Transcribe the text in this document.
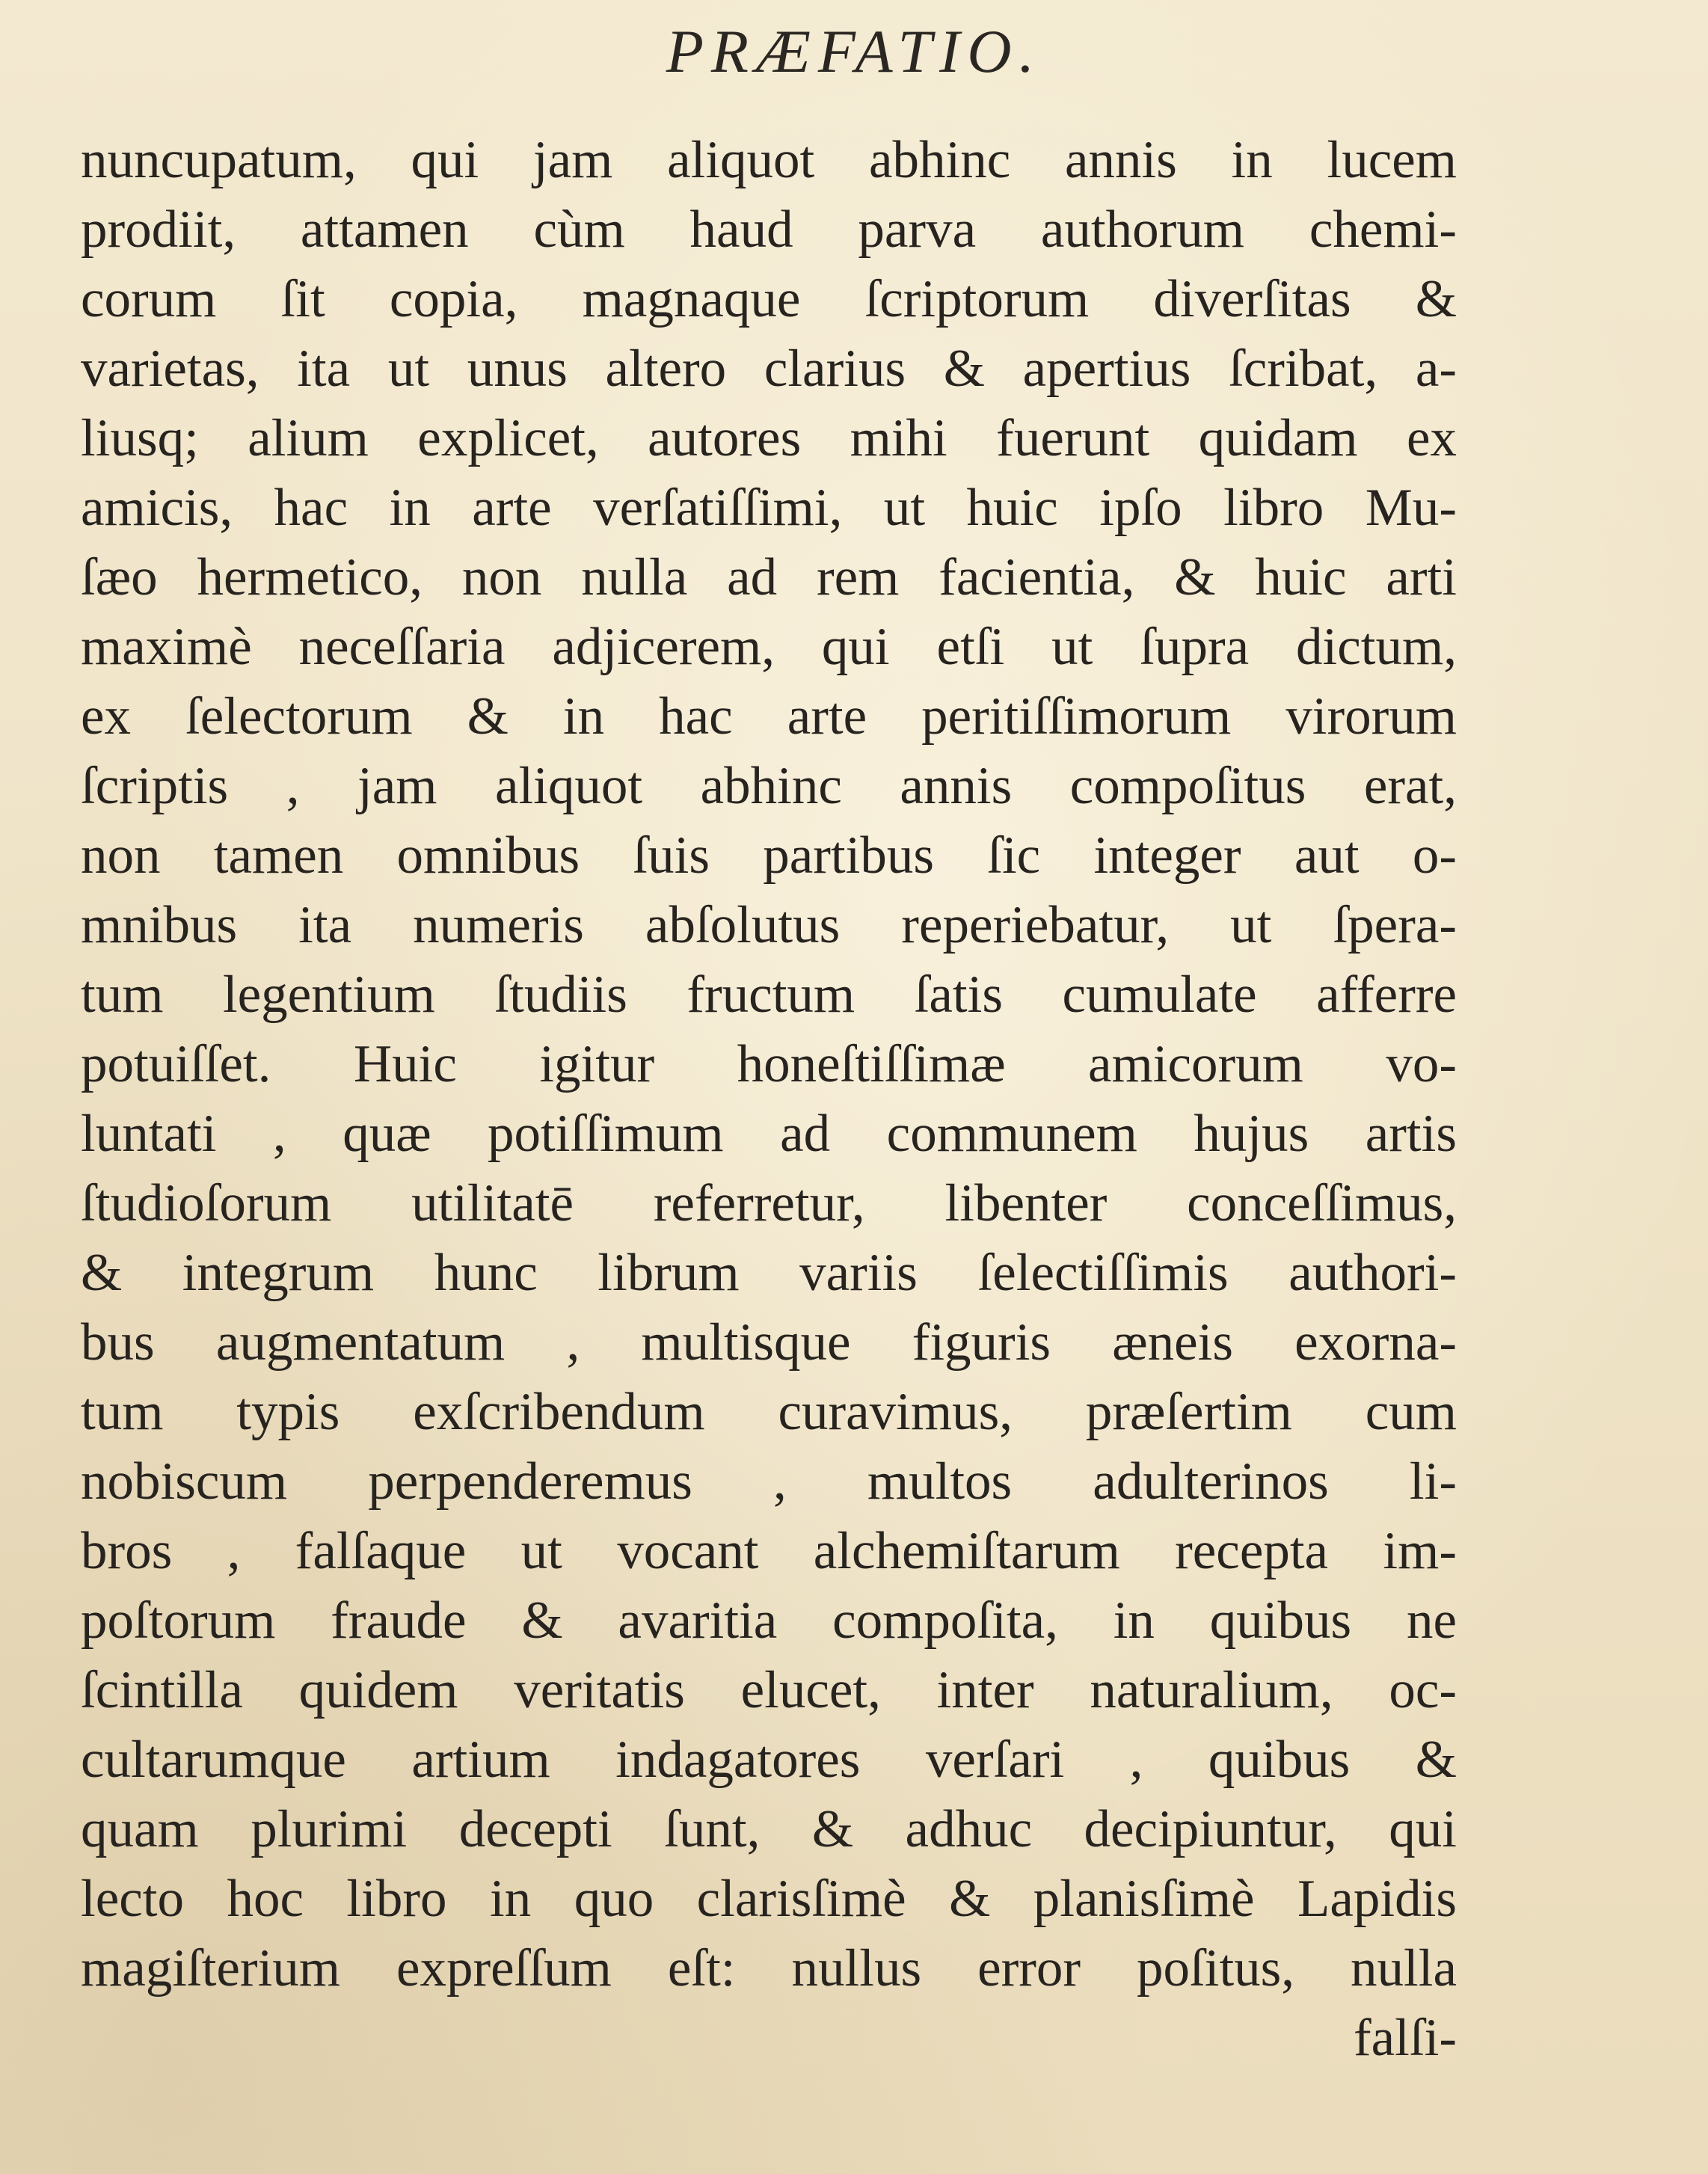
PRÆFATIO.
nuncupatum, qui jam aliquot abhinc annis in lucem
prodiit, attamen cùm haud parva authorum chemi-
corum ſit copia, magnaque ſcriptorum diverſitas &
varietas, ita ut unus altero clarius & apertius ſcribat, a-
liusq; alium explicet, autores mihi fuerunt quidam ex
amicis, hac in arte verſatiſſimi, ut huic ipſo libro Mu-
ſæo hermetico, non nulla ad rem facientia, & huic arti
maximè neceſſaria adjicerem, qui etſi ut ſupra dictum,
ex ſelectorum & in hac arte peritiſſimorum virorum
ſcriptis , jam aliquot abhinc annis compoſitus erat,
non tamen omnibus ſuis partibus ſic integer aut o-
mnibus ita numeris abſolutus reperiebatur, ut ſpera-
tum legentium ſtudiis fructum ſatis cumulate afferre
potuiſſet. Huic igitur honeſtiſſimæ amicorum vo-
luntati , quæ potiſſimum ad communem hujus artis
ſtudioſorum utilitatē referretur, libenter conceſſimus,
& integrum hunc librum variis ſelectiſſimis authori-
bus augmentatum , multisque figuris æneis exorna-
tum typis exſcribendum curavimus, præſertim cum
nobiscum perpenderemus , multos adulterinos li-
bros , falſaque ut vocant alchemiſtarum recepta im-
poſtorum fraude & avaritia compoſita, in quibus ne
ſcintilla quidem veritatis elucet, inter naturalium, oc-
cultarumque artium indagatores verſari , quibus &
quam plurimi decepti ſunt, & adhuc decipiuntur, qui
lecto hoc libro in quo clarisſimè & planisſimè Lapidis
magiſterium expreſſum eſt: nullus error poſitus, nulla
falſi-
